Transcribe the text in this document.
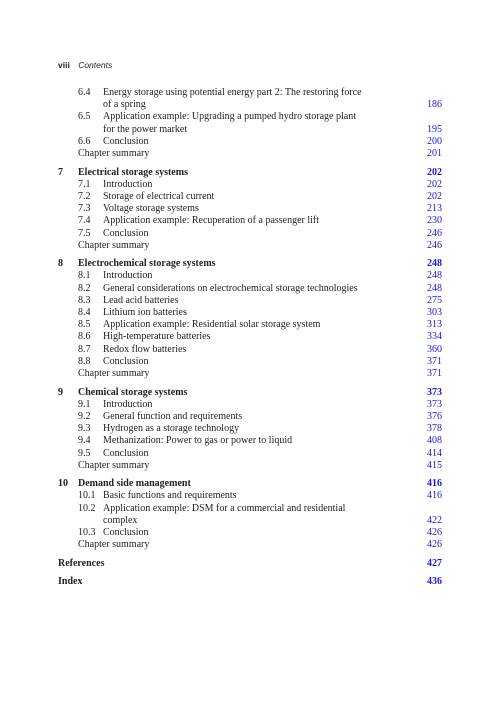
viii Contents
6.4	Energy storage using potential energy part 2: The restoring force
of a spring	186
6.5	Application example: Upgrading a pumped hydro storage plant
for the power market	195
6.6	Conclusion	200
Chapter summary	201
7	Electrical storage systems	202
7.1	Introduction	202
7.2	Storage of electrical current	202
7.3	Voltage storage systems	213
7.4	Application example: Recuperation of a passenger lift	230
7.5	Conclusion	246
Chapter summary	246
8	Electrochemical storage systems	248
8.1	Introduction	248
8.2	General considerations on electrochemical storage technologies	248
8.3	Lead acid batteries	275
8.4	Lithium ion batteries	303
8.5	Application example: Residential solar storage system	313
8.6	High-temperature batteries	334
8.7	Redox flow batteries	360
8.8	Conclusion	371
Chapter summary	371
9	Chemical storage systems	373
9.1	Introduction	373
9.2	General function and requirements	376
9.3	Hydrogen as a storage technology	378
9.4	Methanization: Power to gas or power to liquid	408
9.5	Conclusion	414
Chapter summary	415
10	Demand side management	416
10.1 Basic functions and requirements	416
10.2 Application example: DSM for a commercial and residential
complex	422
10.3 Conclusion	426
Chapter summary	426
References	427
Index	436
